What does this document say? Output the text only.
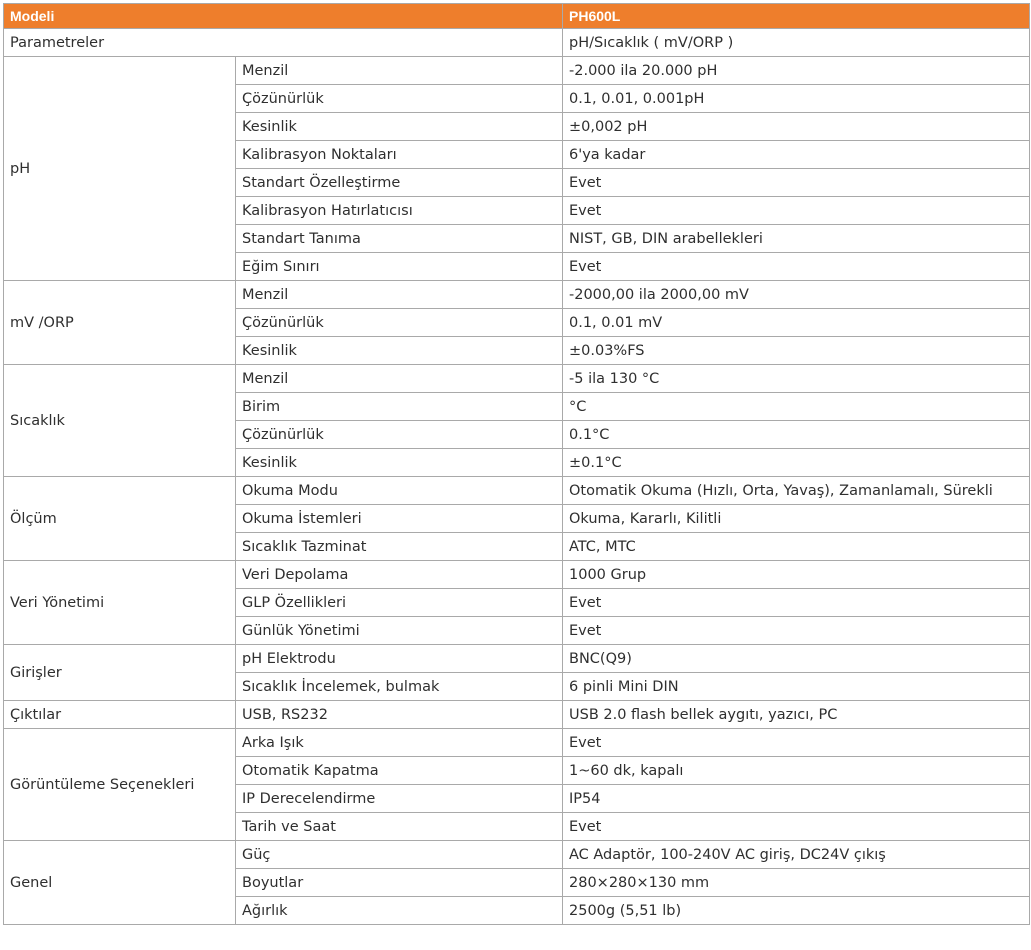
Modeli		PH600L
Parametreler		pH/Sıcaklık ( mV/ORP )
pH	Menzil	-2.000 ila 20.000 pH
	Çözünürlük	0.1, 0.01, 0.001pH
	Kesinlik	±0,002 pH
	Kalibrasyon Noktaları	6'ya kadar
	Standart Özelleştirme	Evet
	Kalibrasyon Hatırlatıcısı	Evet
	Standart Tanıma	NIST, GB, DIN arabellekleri
	Eğim Sınırı	Evet
mV /ORP	Menzil	-2000,00 ila 2000,00 mV
	Çözünürlük	0.1, 0.01 mV
	Kesinlik	±0.03%FS
Sıcaklık	Menzil	-5 ila 130 °C
	Birim	°C
	Çözünürlük	0.1°C
	Kesinlik	±0.1°C
Ölçüm	Okuma Modu	Otomatik Okuma (Hızlı, Orta, Yavaş), Zamanlamalı, Sürekli
	Okuma İstemleri	Okuma, Kararlı, Kilitli
	Sıcaklık Tazminat	ATC, MTC
Veri Yönetimi	Veri Depolama	1000 Grup
	GLP Özellikleri	Evet
	Günlük Yönetimi	Evet
Girişler	pH Elektrodu	BNC(Q9)
	Sıcaklık İncelemek, bulmak	6 pinli Mini DIN
Çıktılar	USB, RS232	USB 2.0 flash bellek aygıtı, yazıcı, PC
Görüntüleme Seçenekleri	Arka Işık	Evet
	Otomatik Kapatma	1~60 dk, kapalı
	IP Derecelendirme	IP54
	Tarih ve Saat	Evet
Genel	Güç	AC Adaptör, 100-240V AC giriş, DC24V çıkış
	Boyutlar	280×280×130 mm
	Ağırlık	2500g (5,51 lb)
